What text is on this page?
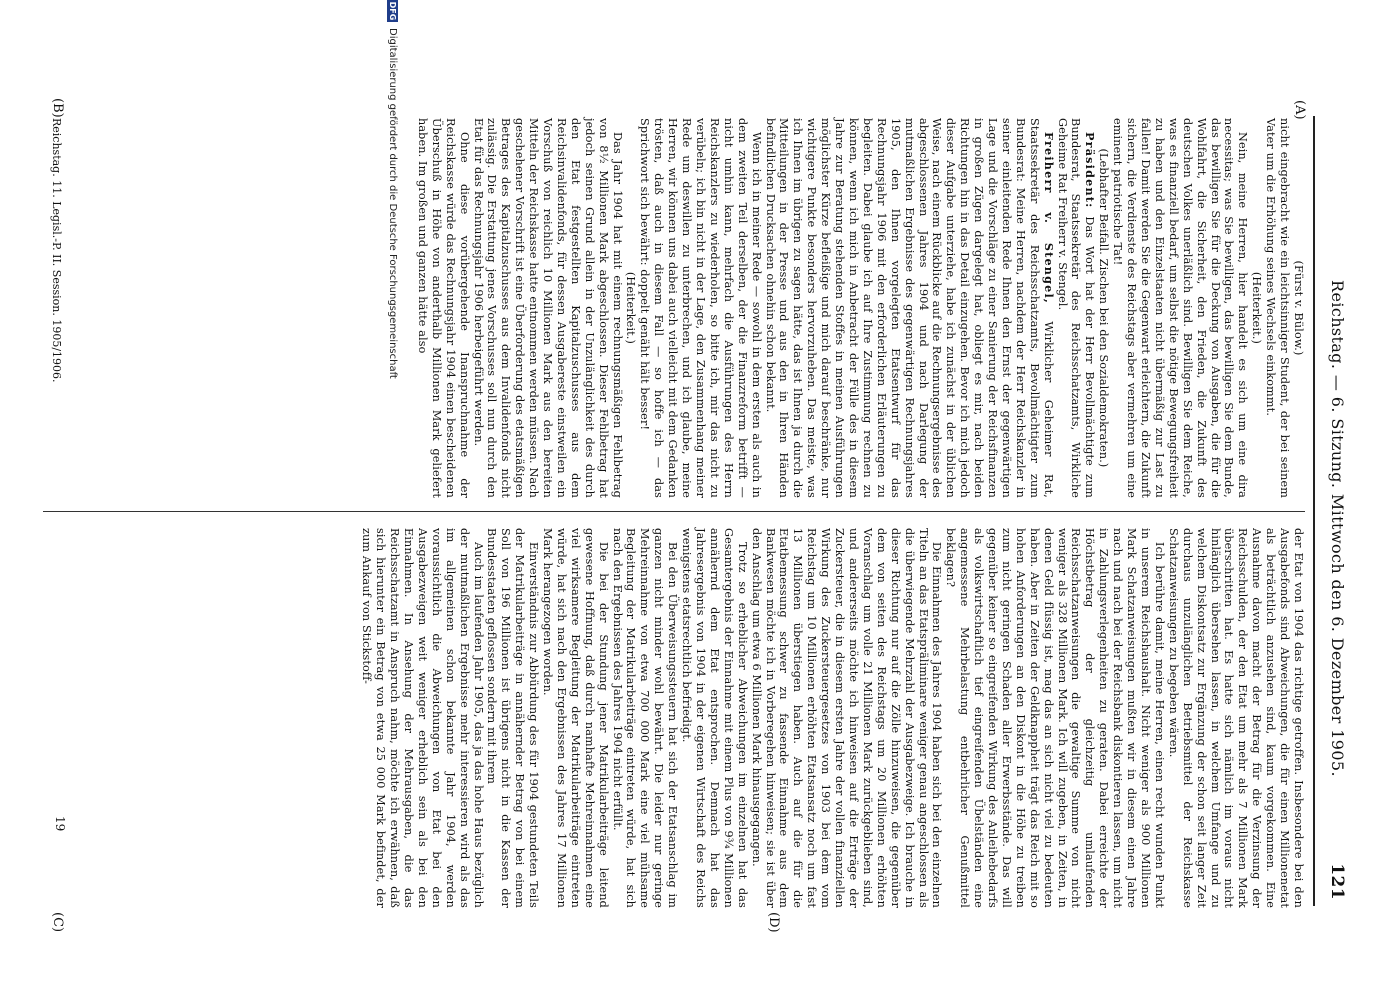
Reichstag. — 6. Sitzung. Mittwoch den 6. Dezember 1905.
121
(A)
(B)
(C)	(D)

(Fürst v. Bülow.)

nicht eingebracht wie ein leichtsinniger Student, der bei seinem Vater um die Erhöhung seines Wechsels einkommt.

(Heiterkeit.)

Nein, meine Herren, hier handelt es sich um eine dira necessitas; was Sie bewilligen, das bewilligen Sie dem Bunde, das bewilligen Sie für die Deckung von Ausgaben, die für die Wohlfahrt, die Sicherheit, den Frieden, die Zukunft des deutschen Volkes unerläßlich sind. Bewilligen Sie dem Reiche, was es finanziell bedarf, um selbst die nötige Bewegungsfreiheit zu haben und den Einzelstaaten nicht übermäßig zur Last zu fallen! Damit werden Sie die Gegenwart erleichtern, die Zukunft sichern, die Verdienste des Reichstags aber vermehren um eine eminent patriotische Tat!

(Lebhafter Beifall. Zischen bei den Sozialdemokraten.)

Präsident: Das Wort hat der Herr Bevollmächtigte zum Bundesrat, Staatssekretär des Reichsschatzamts, Wirkliche Geheime Rat Freiherr v. Stengel.

Freiherr v. Stengel, Wirklicher Geheimer Rat, Staatssekretär des Reichsschatzamts, Bevollmächtigter zum Bundesrat: Meine Herren, nachdem der Herr Reichskanzler in seiner einleitenden Rede Ihnen den Ernst der gegenwärtigen Lage und die Vorschläge zu einer Sanierung der Reichsfinanzen in großen Zügen dargelegt hat, obliegt es mir, nach beiden Richtungen hin in das Detail einzugehen. Bevor ich mich jedoch dieser Aufgabe unterziehe, habe ich zunächst in der üblichen Weise, nach einem Rückblicke auf die Rechnungsergebnisse des abgeschlossenen Jahres 1904 und nach Darlegung der mutmaßlichen Ergebnisse des gegenwärtigen Rechnungsjahres 1905, den Ihnen vorgelegten Etatsentwurf für das Rechnungsjahr 1906 mit den erforderlichen Erläuterungen zu begleiten. Dabei glaube ich auf Ihre Zustimmung rechnen zu können, wenn ich mich in Anbetracht der Fülle des in diesem Jahre zur Beratung stehenden Stoffes in meinen Ausführungen möglichster Kürze befleißige und mich darauf beschränke, nur wichtigere Punkte besonders hervorzuheben. Das meiste, was ich Ihnen im übrigen zu sagen hätte, das ist Ihnen ja durch die Mitteilungen in der Presse und aus den in Ihren Händen befindlichen Drucksachen ohnehin schon bekannt.

Wenn ich in meiner Rede — sowohl in dem ersten als auch in dem zweiten Teil derselben, der die Finanzreform betrifft — nicht umhin kann, mehrfach die Ausführungen des Herrn Reichskanzlers zu wiederholen, so bitte ich, mir das nicht zu verübeln; ich bin nicht in der Lage, den Zusammenhang meiner Rede um deswillen zu unterbrechen, und ich glaube, meine Herren, wir können uns dabei auch vielleicht mit dem Gedanken trösten, daß auch in diesem Fall — so hoffe ich — das Sprichwort sich bewährt: doppelt genäht hält besser!

(Heiterkeit.)

Das Jahr 1904 hat mit einem rechnungsmäßigen Fehlbetrag von 8½ Millionen Mark abgeschlossen. Dieser Fehlbetrag hat jedoch seinen Grund allein in der Unzulänglichkeit des durch den Etat festgestellten Kapitalzuschusses aus dem Reichsinvalidenfonds, für dessen Ausgabereste einstweilen ein Vorschuß von reichlich 10 Millionen Mark aus den bereiten Mitteln der Reichskasse hatte entnommen werden müssen. Nach geschehener Vorschrift ist eine Überforderung des etatsmäßigen Betrages des Kapitalzuschusses aus dem Invalidenfonds nicht zulässig. Die Erstattung jenes Vorschusses soll nun durch den Etat für das Rechnungsjahr 1906 herbeigeführt werden.

Ohne diese vorübergehende Inanspruchnahme der Reichskasse würde das Rechnungsjahr 1904 einen bescheidenen Überschuß in Höhe von anderthalb Millionen Mark geliefert haben. Im großen und ganzen hätte also

der Etat von 1904 das richtige getroffen. Insbesondere bei den Ausgabefonds sind Abweichungen, die für einen Millionenetat als beträchtlich anzusehen sind, kaum vorgekommen. Eine Ausnahme davon macht der Betrag für die Verzinsung der Reichsschulden, der den Etat um mehr als 7 Millionen Mark überschritten hat. Es hatte sich nämlich im voraus nicht hinlänglich übersehen lassen, in welchem Umfange und zu welchem Diskontsatz zur Ergänzung der schon seit langer Zeit durchaus unzulänglichen Betriebsmittel der Reichskasse Schatzanweisungen zu begeben wären.

Ich berühre damit, meine Herren, einen recht wunden Punkt in unserem Reichshaushalt. Nicht weniger als 900 Millionen Mark Schatzanweisungen mußten wir in diesem einen Jahre nach und nach bei der Reichsbank diskontieren lassen, um nicht in Zahlungsverlegenheiten zu geraten. Dabei erreichte der Höchstbetrag der gleichzeitig umlaufenden Reichsschatzanweisungen die gewaltige Summe von nicht weniger als 328 Millionen Mark. Ich will zugeben, in Zeiten, in denen Geld flüssig ist, mag das an sich nicht viel zu bedeuten haben. Aber in Zeiten der Geldknappheit trägt das Reich mit so hohen Anforderungen an den Diskont in die Höhe zu treiben zum nicht geringen Schaden aller Erwerbsstände. Das will gegenüber keiner so eingreifenden Wirkung des Anleihebedarfs als volkswirtschaftlich tief eingreifenden Übelständen eine angemessene Mehrbelastung entbehrlicher Genußmittel beklagen?

Die Einnahmen des Jahres 1904 haben sich bei den einzelnen Titeln an das Etatspräliminare weniger genau angeschlossen als die überwiegende Mehrzahl der Ausgabezweige. Ich brauche in dieser Richtung nur auf die Zölle hinzuweisen, die gegenüber dem von seiten des Reichstags um 20 Millionen erhöhten Voranschlag um volle 21 Millionen Mark zurückgeblieben sind, und andererseits möchte ich hinweisen auf die Erträge der Zuckersteuer, die in diesem ersten Jahre der vollen finanziellen Wirkung des Zuckersteuergesetzes von 1903 bei dem vom Reichstag um 10 Millionen erhöhten Etatsansatz noch um fast 13 Millionen überstiegen haben. Auch auf die für die Etatbemessung schwer zu fassende Einnahme aus dem Bankwesen möchte ich in Vorberegehen hinweisen; sie ist über den Anschlag um etwa 6 Millionen Mark hinausgegangen.

Trotz so erheblicher Abweichungen im einzelnen hat das Gesamtergebnis der Einnahme mit einem Plus von 9¾ Millionen annähernd dem Etat entsprochen. Demnach hat das Jahresergebnis von 1904 in der eigenen Wirtschaft des Reichs wenigstens etatsrechtlich befriedigt.

Bei den Überweisungssteuern hat sich der Etatsanschlag im ganzen nicht minder wohl bewährt. Die leider nur geringe Mehreinnahme von etwa 700 000 Mark eine viel mühsame Begleitung der Matrikularbeiträge eintreten würde, hat sich nach den Ergebnissen des Jahres 1904 nicht erfüllt.

Die bei der Stundung jener Matrikularbeiträge leitend gewesene Hoffnung, daß durch namhafte Mehreinnahmen eine viel wirksamere Begleitung der Matrikularbeiträge eintreten würde, hat sich nach den Ergebnissen des Jahres 17 Millionen Mark herangezogen worden.

Einverständnis zur Abbürdung des für 1904 gestundeten Teils der Matrikularbeiträge in annähernder Betrag von bei einem Soll von 196 Millionen ist übrigens nicht in die Kassen der Bundesstaaten geflossen sondern mit ihrem

Auch im laufenden Jahr 1905, das ja das hohe Haus bezüglich der mutmaßlichen Ergebnisse mehr interessieren wird als das im allgemeinen schon bekannte Jahr 1904, werden voraussichtlich die Abweichungen von Etat bei den Ausgabezweigen weit weniger erheblich sein als bei den Einnahmen. In Ansehung der Mehrausgaben, die das Reichsschatzamt in Anspruch nahm, möchte ich erwähnen, daß sich hierunter ein Betrag von etwa 25 000 Mark befindet, der zum Ankauf von Stickstoff-

Reichstag. 11. Legisl.-P. II. Session. 1905/1906.
19
DFG
Digitalisierung gefördert durch die Deutsche Forschungsgemeinschaft
